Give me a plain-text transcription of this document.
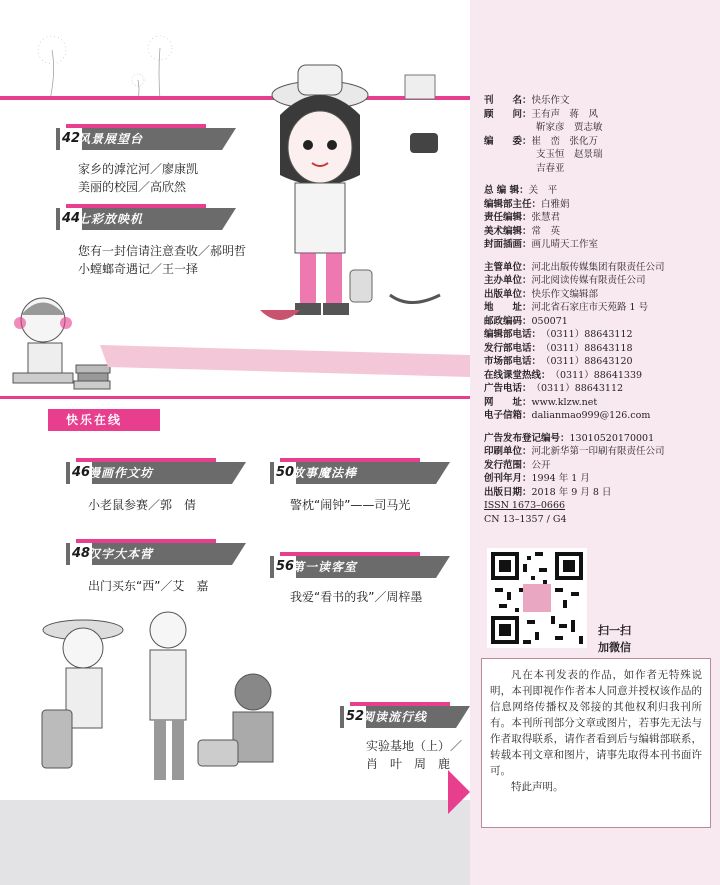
42
风景展望台
家乡的滹沱河／廖康凯
美丽的校园／高欣然
44
七彩放映机
您有一封信请注意查收／郝明哲
小螳螂奇遇记／王一择
快乐在线
46
漫画作文坊
小老鼠参赛／郭　倩
50
故事魔法棒
警枕“闹钟”——司马光
48
汉字大本营
出门买东“西”／艾　嘉
56
第一读客室
我爱“看书的我”／周梓墨
52
阅读流行线
实验基地（上）／
肖　叶　周　鹿
刊　　名： 快乐作文
顾　　问： 王有声　蒋　风
靳家彦　贾志敏
编　　委： 崔　峦　张化万
支玉恒　赵景瑞
吉春亚
总 编 辑： 关　平
编辑部主任： 白雅娟
责任编辑： 张慧君
美术编辑： 常　英
封面插画： 画儿晴天工作室
主管单位： 河北出版传媒集团有限责任公司
主办单位： 河北阅读传媒有限责任公司
出版单位： 快乐作文编辑部
地　　址： 河北省石家庄市天苑路 1 号
邮政编码： 050071
编辑部电话： （0311）88643112
发行部电话： （0311）88643118
市场部电话： （0311）88643120
在线课堂热线： （0311）88641339
广告电话： （0311）88643112
网　　址： www.klzw.net
电子信箱： dalianmao999@126.com
广告发布登记编号： 13010520170001
印刷单位： 河北新华第一印刷有限责任公司
发行范围： 公开
创刊年月： 1994 年 1 月
出版日期： 2018 年 9 月 8 日
ISSN 1673–0666
CN 13–1357 / G4
扫一扫
加微信

凡在本刊发表的作品，如作者无特殊说明，本刊即视作作者本人同意并授权该作品的信息网络传播权及邻接的其他权利归我刊所有。本刊所刊部分文章或图片，若事先无法与作者取得联系，请作者看到后与编辑部联系，转载本刊文章和图片，请事先取得本刊书面许可。

特此声明。
